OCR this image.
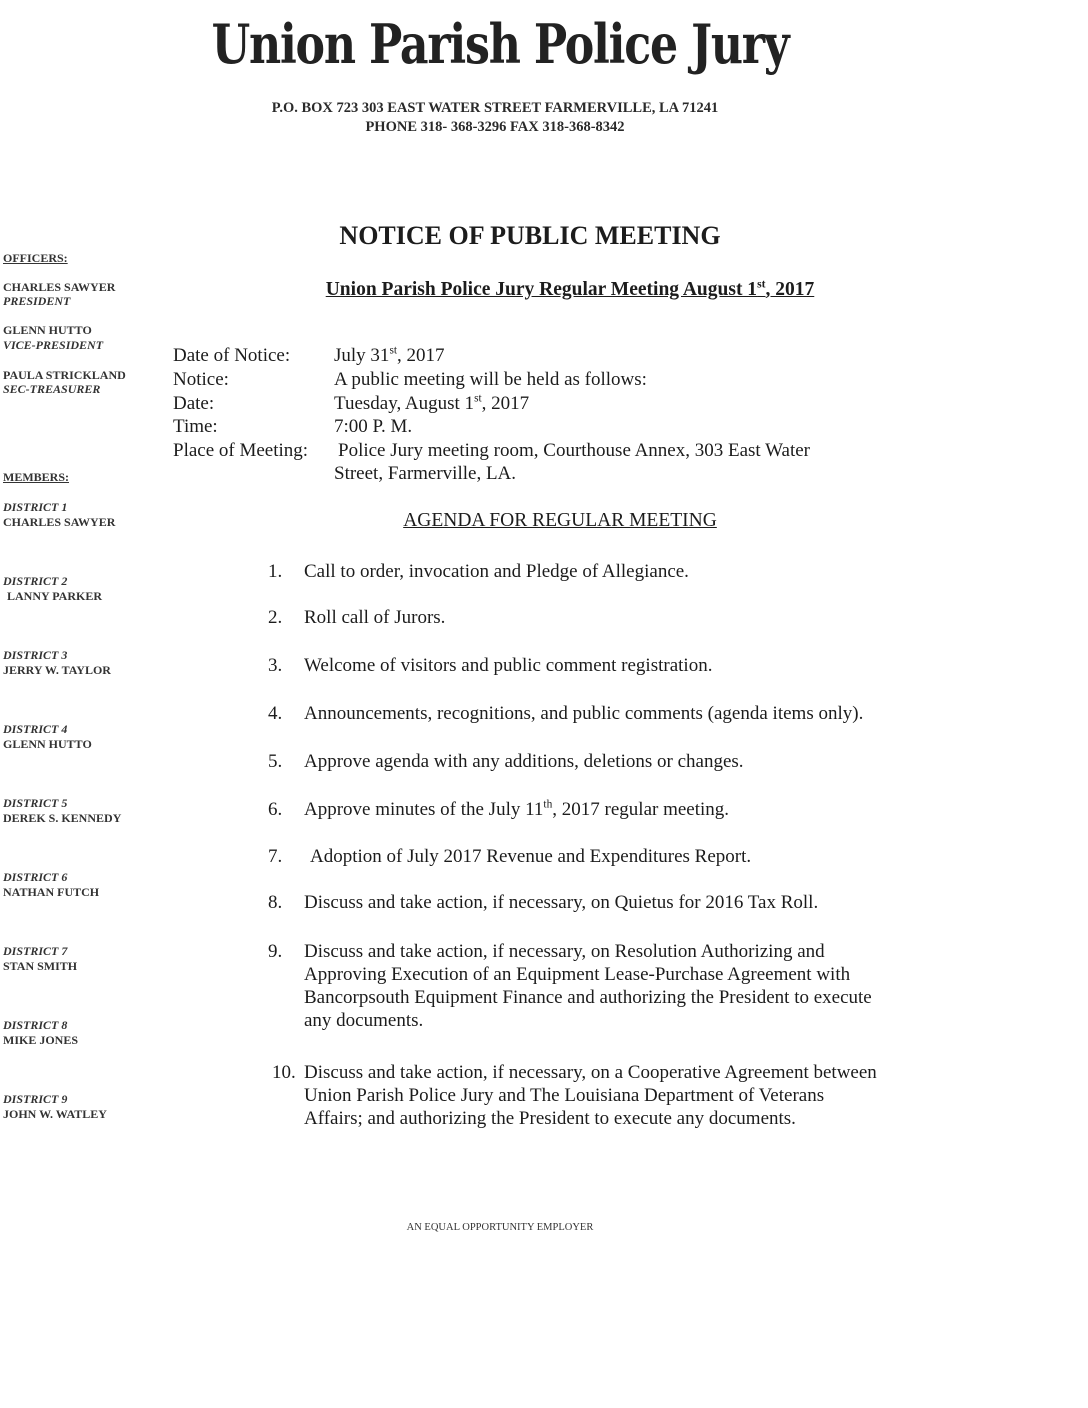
Union Parish Police Jury
P.O. BOX 723 303 EAST WATER STREET FARMERVILLE, LA 71241
PHONE 318- 368-3296 FAX 318-368-8342
NOTICE OF PUBLIC MEETING
Union Parish Police Jury Regular Meeting August 1st, 2017
OFFICERS:
CHARLES SAWYER
PRESIDENT
GLENN HUTTO
VICE-PRESIDENT
PAULA STRICKLAND
SEC-TREASURER
MEMBERS:
DISTRICT 1
CHARLES SAWYER
DISTRICT 2
LANNY PARKER
DISTRICT 3
JERRY W. TAYLOR
DISTRICT 4
GLENN HUTTO
DISTRICT 5
DEREK S. KENNEDY
DISTRICT 6
NATHAN FUTCH
DISTRICT 7
STAN SMITH
DISTRICT 8
MIKE JONES
DISTRICT 9
JOHN W. WATLEY
Date of Notice: July 31st, 2017
Notice:	A public meeting will be held as follows:
Date:	Tuesday, August 1st, 2017
Time:	7:00 P. M.
Place of Meeting: Police Jury meeting room, Courthouse Annex, 303 East Water
Street, Farmerville, LA.
AGENDA FOR REGULAR MEETING
1. Call to order, invocation and Pledge of Allegiance.
2. Roll call of Jurors.
3. Welcome of visitors and public comment registration.
4. Announcements, recognitions, and public comments (agenda items only).
5. Approve agenda with any additions, deletions or changes.
6. Approve minutes of the July 11th, 2017 regular meeting.
7. Adoption of July 2017 Revenue and Expenditures Report.
8. Discuss and take action, if necessary, on Quietus for 2016 Tax Roll.
9. Discuss and take action, if necessary, on Resolution Authorizing and
Approving Execution of an Equipment Lease-Purchase Agreement with
Bancorpsouth Equipment Finance and authorizing the President to execute
any documents.
10. Discuss and take action, if necessary, on a Cooperative Agreement between
Union Parish Police Jury and The Louisiana Department of Veterans
Affairs; and authorizing the President to execute any documents.
AN EQUAL OPPORTUNITY EMPLOYER
